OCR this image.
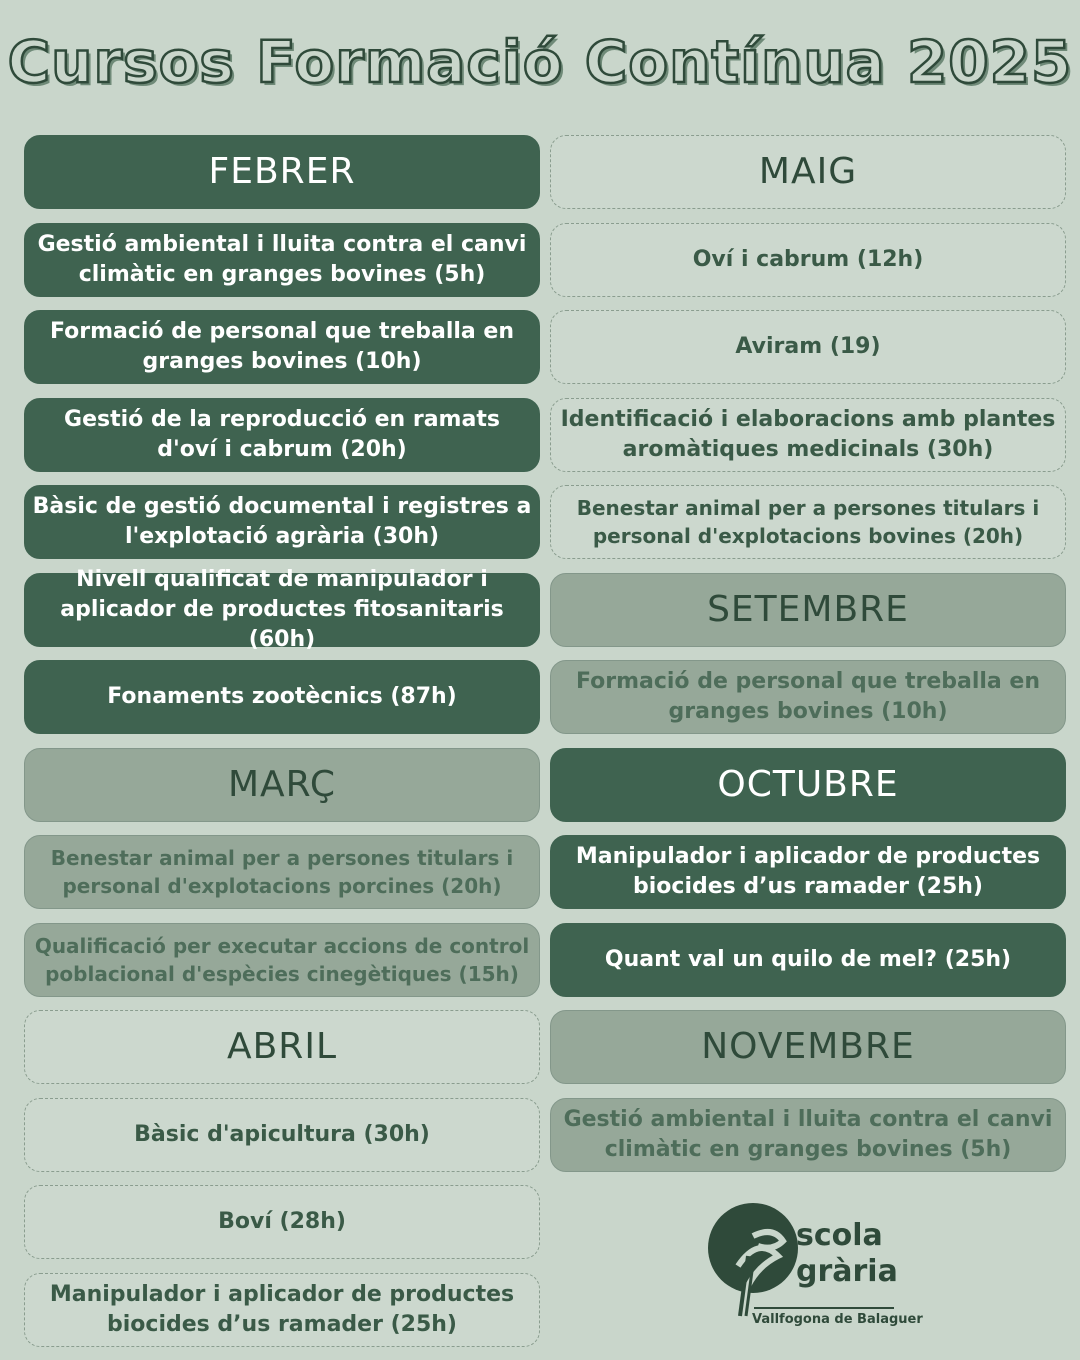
Cursos Formació Contínua 2025
FEBRER
Gestió ambiental i lluita contra el canvi climàtic en granges bovines (5h)
Formació de personal que treballa en granges bovines (10h)
Gestió de la reproducció en ramats d'oví i cabrum (20h)
Bàsic de gestió documental i registres a l'explotació agrària (30h)
Nivell qualificat de manipulador i aplicador de productes fitosanitaris (60h)
Fonaments zootècnics (87h)
MARÇ
Benestar animal per a persones titulars i personal d'explotacions porcines (20h)
Qualificació per executar accions de control poblacional d'espècies cinegètiques (15h)
ABRIL
Bàsic d'apicultura (30h)
Boví (28h)
Manipulador i aplicador de productes biocides d’us ramader (25h)
MAIG
Oví i cabrum (12h)
Aviram (19)
Identificació i elaboracions amb plantes aromàtiques medicinals (30h)
Benestar animal per a persones titulars i personal d'explotacions bovines (20h)
SETEMBRE
Formació de personal que treballa en granges bovines (10h)
OCTUBRE
Manipulador i aplicador de productes biocides d’us ramader (25h)
Quant val un quilo de mel? (25h)
NOVEMBRE
Gestió ambiental i lluita contra el canvi climàtic en granges bovines (5h)
scola
grària
Vallfogona de Balaguer
